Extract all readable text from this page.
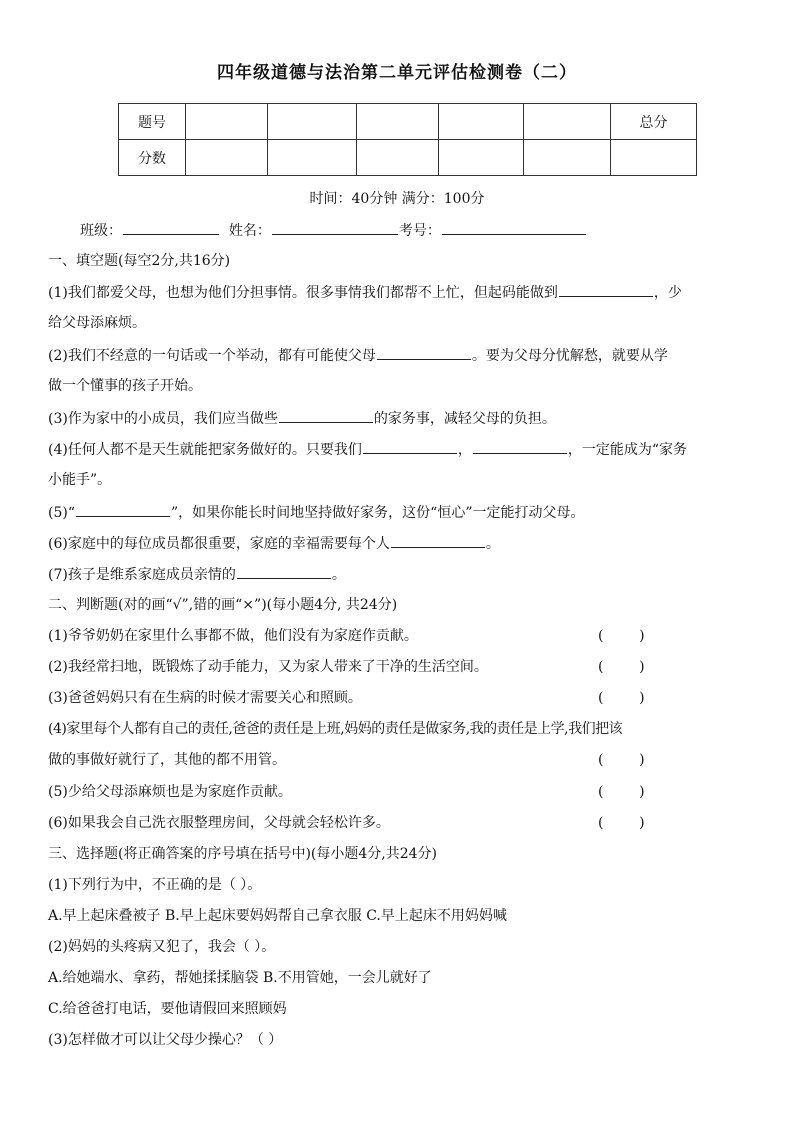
四年级道德与法治第二单元评估检测卷（二）
题号						总分
分数						
时间：40分钟 满分：100分
班级：	姓名：	考号：
一、填空题(每空2分,共16分)
(1)我们都爱父母，也想为他们分担事情。很多事情我们都帮不上忙，但起码能做到	，少
给父母添麻烦。
(2)我们不经意的一句话或一个举动，都有可能使父母	。要为父母分忧解愁，就要从学
做一个懂事的孩子开始。
(3)作为家中的小成员，我们应当做些	的家务事，减轻父母的负担。
(4)任何人都不是天生就能把家务做好的。只要我们	，	，一定能成为“家务
小能手”。
(5)“	”，如果你能长时间地坚持做好家务，这份“恒心”一定能打动父母。
(6)家庭中的每位成员都很重要，家庭的幸福需要每个人	。
(7)孩子是维系家庭成员亲情的	。
二、判断题(对的画“√”,错的画“×”)(每小题4分, 共24分)
(1)爷爷奶奶在家里什么事都不做，他们没有为家庭作贡献。	(        )
(2)我经常扫地，既锻炼了动手能力，又为家人带来了干净的生活空间。	(        )
(3)爸爸妈妈只有在生病的时候才需要关心和照顾。	(        )
(4)家里每个人都有自己的责任,爸爸的责任是上班,妈妈的责任是做家务,我的责任是上学,我们把该
做的事做好就行了，其他的都不用管。	(        )
(5)少给父母添麻烦也是为家庭作贡献。	(        )
(6)如果我会自己洗衣服整理房间，父母就会轻松许多。	(        )
三、选择题(将正确答案的序号填在括号中)(每小题4分,共24分)
(1)下列行为中，不正确的是（ ）。
A.早上起床叠被子 B.早上起床要妈妈帮自己拿衣服 C.早上起床不用妈妈喊
(2)妈妈的头疼病又犯了，我会（ ）。
A.给她端水、拿药，帮她揉揉脑袋 B.不用管她，一会儿就好了
C.给爸爸打电话，要他请假回来照顾妈
(3)怎样做才可以让父母少操心？（ ）
